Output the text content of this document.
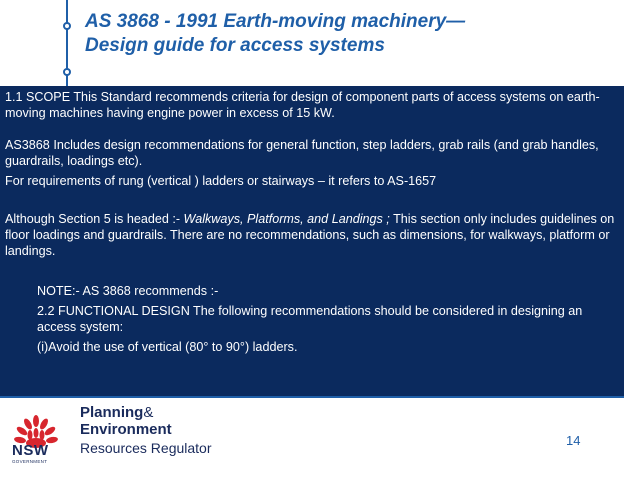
AS 3868 - 1991 Earth-moving machinery—
Design guide for access systems

1.1 SCOPE This Standard recommends criteria for design of component parts of access systems on earth-moving machines having engine power in excess of 15 kW.

AS3868 Includes design recommendations for general function, step ladders, grab rails (and grab handles, guardrails, loadings etc).

For requirements of rung (vertical ) ladders or stairways – it refers to AS-1657

Although Section 5 is headed :- Walkways, Platforms, and Landings ; This section only includes guidelines on floor loadings and guardrails. There are no recommendations, such as dimensions, for walkways, platform or landings.

NOTE:- AS 3868 recommends :-

2.2 FUNCTIONAL DESIGN The following recommendations should be considered in designing an access system:

(i)Avoid the use of vertical (80° to 90°) ladders.

NSW
GOVERNMENT
Planning&
Environment
Resources Regulator	14
